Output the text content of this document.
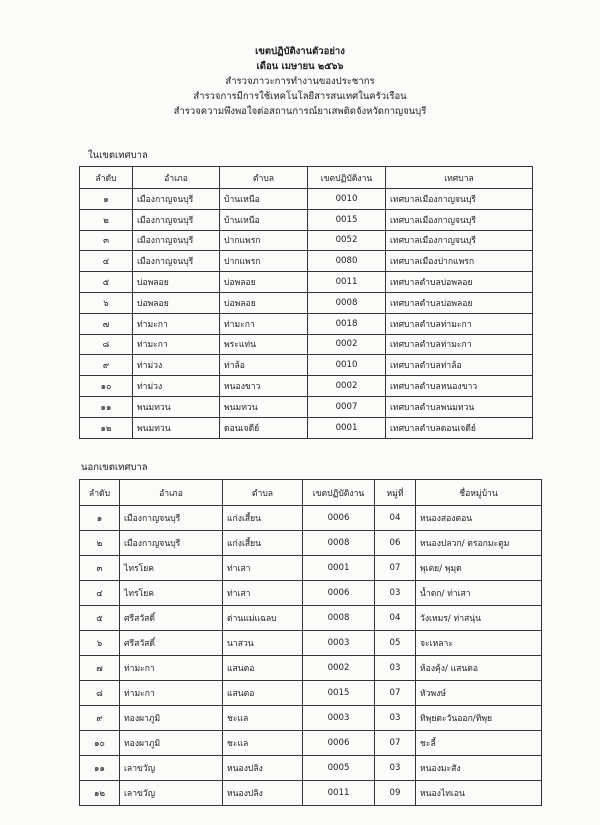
เขตปฏิบัติงานตัวอย่าง
เดือน เมษายน ๒๕๖๖
สำรวจภาวะการทำงานของประชากร
สำรวจการมีการใช้เทคโนโลยีสารสนเทศในครัวเรือน
สำรวจความพึงพอใจต่อสถานการณ์ยาเสพติดจังหวัดกาญจนบุรี
ในเขตเทศบาล
ลำดับ	อำเภอ	ตำบล	เขตปฏิบัติงาน	เทศบาล
๑	เมืองกาญจนบุรี	บ้านเหนือ	0010	เทศบาลเมืองกาญจนบุรี
๒	เมืองกาญจนบุรี	บ้านเหนือ	0015	เทศบาลเมืองกาญจนบุรี
๓	เมืองกาญจนบุรี	ปากแพรก	0052	เทศบาลเมืองกาญจนบุรี
๔	เมืองกาญจนบุรี	ปากแพรก	0080	เทศบาลเมืองปากแพรก
๕	บ่อพลอย	บ่อพลอย	0011	เทศบาลตำบลบ่อพลอย
๖	บ่อพลอย	บ่อพลอย	0008	เทศบาลตำบลบ่อพลอย
๗	ท่ามะกา	ท่ามะกา	0018	เทศบาลตำบลท่ามะกา
๘	ท่ามะกา	พระแท่น	0002	เทศบาลตำบลท่ามะกา
๙	ท่าม่วง	ท่าล้อ	0010	เทศบาลตำบลท่าล้อ
๑๐	ท่าม่วง	หนองขาว	0002	เทศบาลตำบลหนองขาว
๑๑	พนมทวน	พนมทวน	0007	เทศบาลตำบลพนมทวน
๑๒	พนมทวน	ดอนเจดีย์	0001	เทศบาลตำบลดอนเจดีย์
นอกเขตเทศบาล
ลำดับ	อำเภอ	ตำบล	เขตปฏิบัติงาน	หมู่ที่	ชื่อหมู่บ้าน
๑	เมืองกาญจนบุรี	แก่งเสี้ยน	0006	04	หนองสองตอน
๒	เมืองกาญจนบุรี	แก่งเสี้ยน	0008	06	หนองปลวก/ ตรอกมะตูม
๓	ไทรโยค	ท่าเสา	0001	07	พุเตย/ พุมุด
๔	ไทรโยค	ท่าเสา	0006	03	น้ำตก/ ท่าเสา
๕	ศรีสวัสดิ์	ด่านแม่แฉลบ	0008	04	วังเหมร/ ท่าสนุ่น
๖	ศรีสวัสดิ์	นาสวน	0003	05	จะเหลาะ
๗	ท่ามะกา	แสนตอ	0002	03	ห้องคุ้ง/ แสนตอ
๘	ท่ามะกา	แสนตอ	0015	07	หัวพงษ์
๙	ทองผาภูมิ	ชะแล	0003	03	ทิพุยตะวันออก/ทิพุย
๑๐	ทองผาภูมิ	ชะแล	0006	07	ชะลี้
๑๑	เลาขวัญ	หนองปลิง	0005	03	หนองมะสัง
๑๒	เลาขวัญ	หนองปลิง	0011	09	หนองไทเอน
